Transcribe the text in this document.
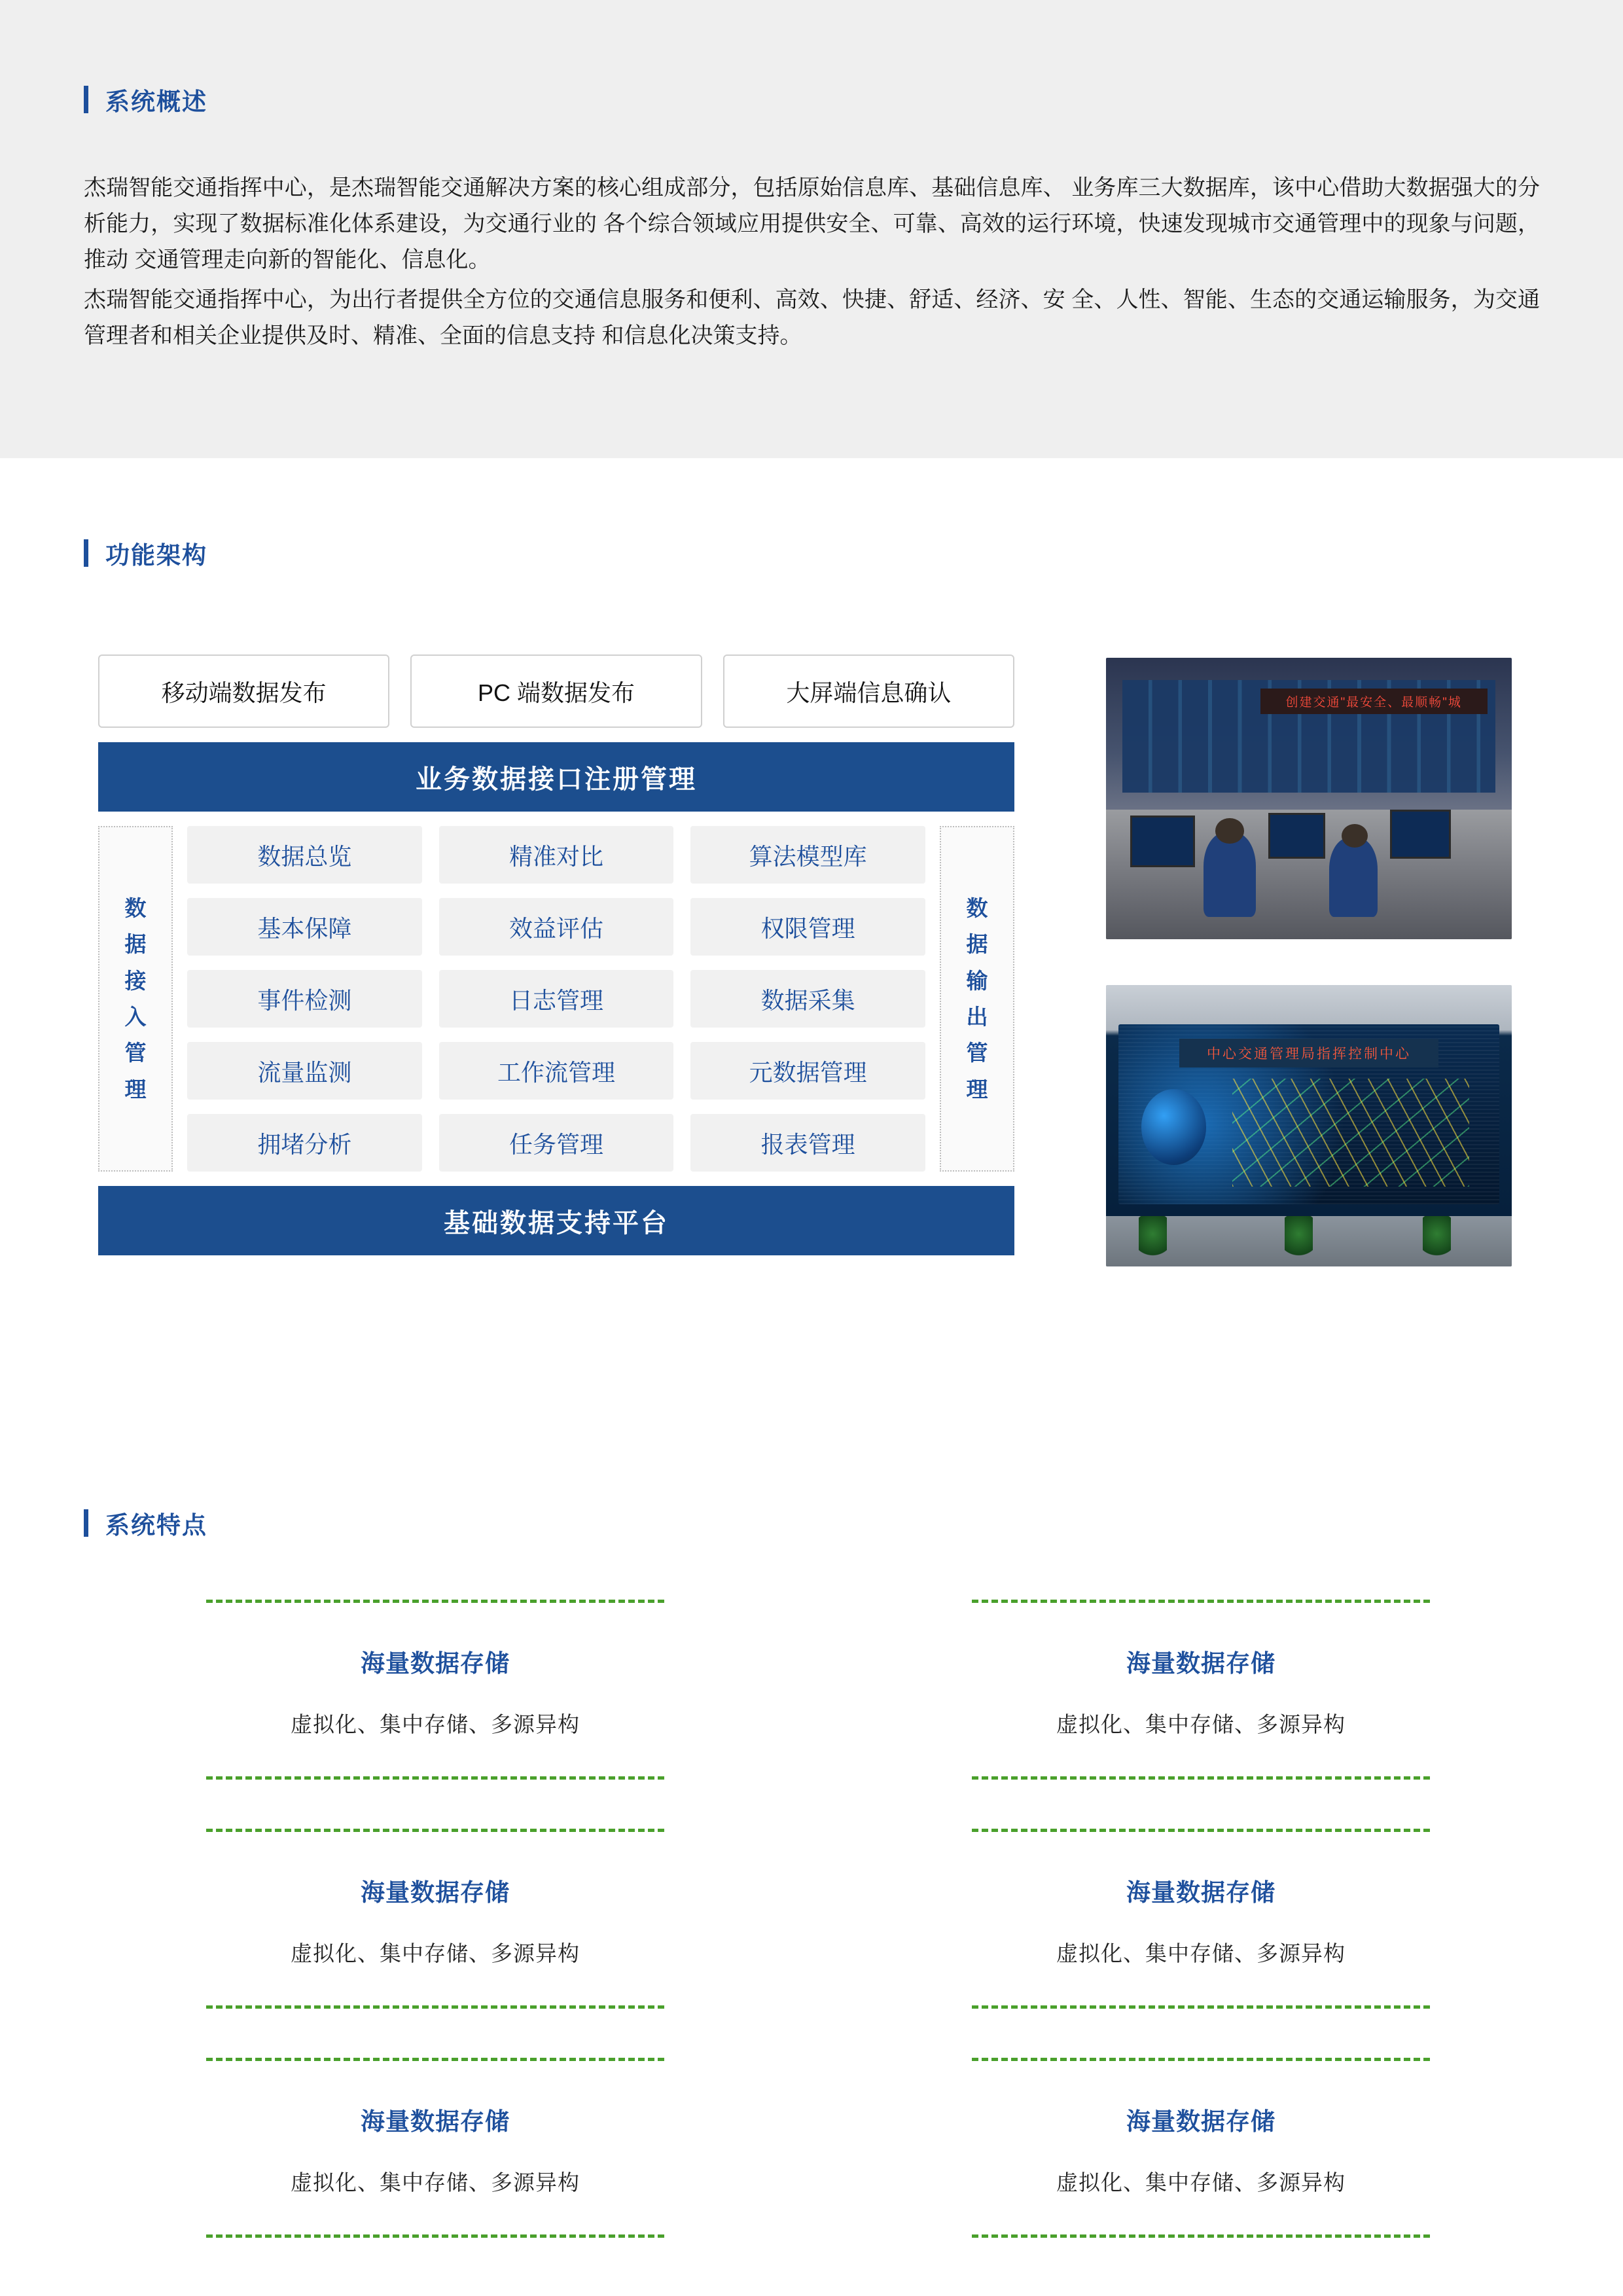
系统概述

杰瑞智能交通指挥中心，是杰瑞智能交通解决方案的核心组成部分，包括原始信息库、基础信息库、 业务库三大数据库，该中心借助大数据强大的分析能力，实现了数据标准化体系建设，为交通行业的 各个综合领域应用提供安全、可靠、高效的运行环境，快速发现城市交通管理中的现象与问题，推动 交通管理走向新的智能化、信息化。

杰瑞智能交通指挥中心，为出行者提供全方位的交通信息服务和便利、高效、快捷、舒适、经济、安 全、人性、智能、生态的交通运输服务，为交通管理者和相关企业提供及时、精准、全面的信息支持 和信息化决策支持。

功能架构
移动端数据发布	PC 端数据发布	大屏端信息确认
业务数据接口注册管理
数
据
接
入
管
理
数据总览	精准对比	算法模型库
基本保障	效益评估	权限管理
事件检测	日志管理	数据采集
流量监测	工作流管理	元数据管理
拥堵分析	任务管理	报表管理
数
据
输
出
管
理
基础数据支持平台
创建交通"最安全、最顺畅"城
中心交通管理局指挥控制中心
系统特点
海量数据存储
虚拟化、集中存储、多源异构
海量数据存储
虚拟化、集中存储、多源异构
海量数据存储
虚拟化、集中存储、多源异构
海量数据存储
虚拟化、集中存储、多源异构
海量数据存储
虚拟化、集中存储、多源异构
海量数据存储
虚拟化、集中存储、多源异构
